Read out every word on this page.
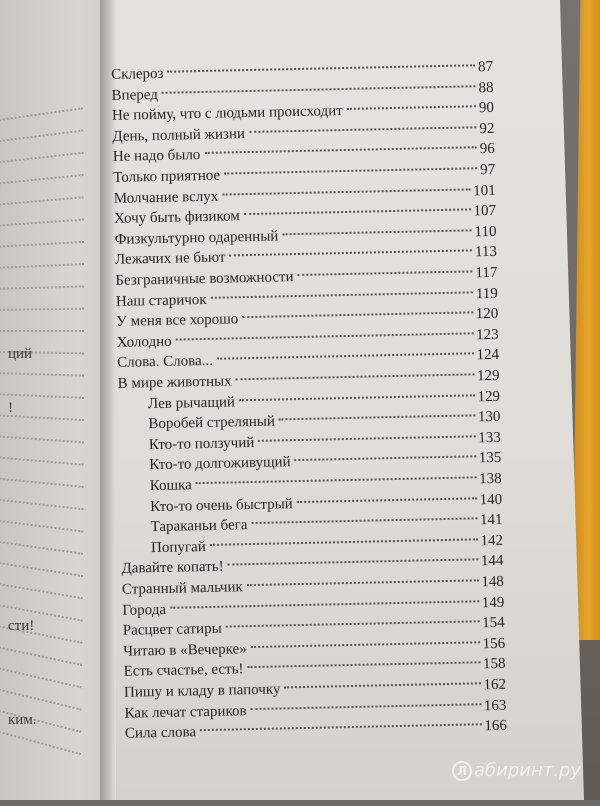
ций
!
сти!
ким.
Склероз	87
Вперед	88
Не пойму, что с людьми происходит	90
День, полный жизни	92
Не надо было	96
Только приятное	97
Молчание вслух	101
Хочу быть физиком	107
Физкультурно одаренный	110
Лежачих не бьют	113
Безграничные возможности	117
Наш старичок	119
У меня все хорошо	120
Холодно	123
Слова. Слова...	124
В мире животных	129
Лев рычащий	129
Воробей стреляный	130
Кто-то ползучий	133
Кто-то долгоживущий	135
Кошка	138
Кто-то очень быстрый	140
Тараканьи бега	141
Попугай	142
Давайте копать!	144
Странный мальчик	148
Города	149
Расцвет сатиры	154
Читаю в «Вечерке»	156
Есть счастье, есть!	158
Пишу и кладу в папочку	162
Как лечат стариков	163
Сила слова	166
Л абиринт.ру
